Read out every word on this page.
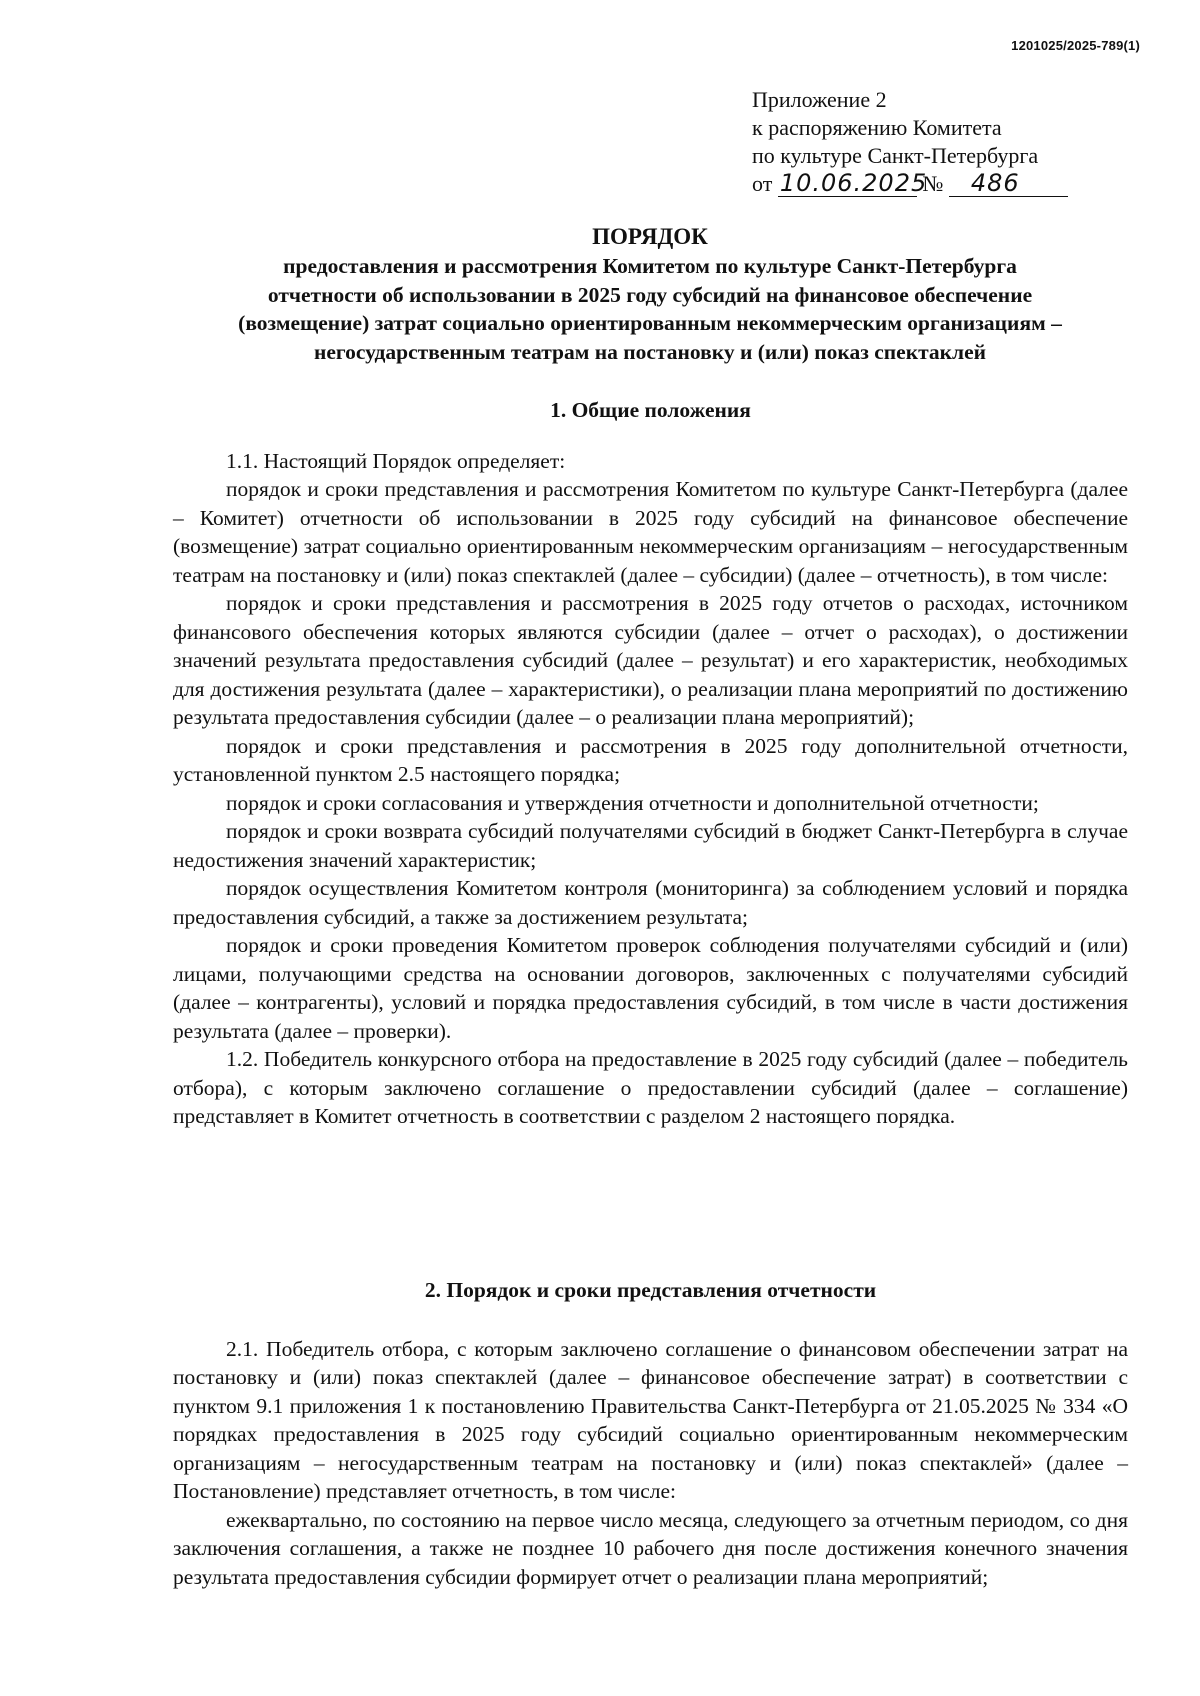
1201025/2025-789(1)
Приложение 2
к распоряжению Комитета
по культуре Санкт-Петербурга
от 10.06.2025 № 486
ПОРЯДОК
предоставления и рассмотрения Комитетом по культуре Санкт-Петербурга
отчетности об использовании в 2025 году субсидий на финансовое обеспечение
(возмещение) затрат социально ориентированным некоммерческим организациям –
негосударственным театрам на постановку и (или) показ спектаклей
1. Общие положения

1.1. Настоящий Порядок определяет:

порядок и сроки представления и рассмотрения Комитетом по культуре Санкт-Петербурга (далее – Комитет) отчетности об использовании в 2025 году субсидий на финансовое обеспечение (возмещение) затрат социально ориентированным некоммерческим организациям – негосударственным театрам на постановку и (или) показ спектаклей (далее – субсидии) (далее – отчетность), в том числе:

порядок и сроки представления и рассмотрения в 2025 году отчетов о расходах, источником финансового обеспечения которых являются субсидии (далее – отчет о расходах), о достижении значений результата предоставления субсидий (далее – результат) и его характеристик, необходимых для достижения результата (далее – характеристики), о реализации плана мероприятий по достижению результата предоставления субсидии (далее – о реализации плана мероприятий);

порядок и сроки представления и рассмотрения в 2025 году дополнительной отчетности, установленной пунктом 2.5 настоящего порядка;

порядок и сроки согласования и утверждения отчетности и дополнительной отчетности;

порядок и сроки возврата субсидий получателями субсидий в бюджет Санкт-Петербурга в случае недостижения значений характеристик;

порядок осуществления Комитетом контроля (мониторинга) за соблюдением условий и порядка предоставления субсидий, а также за достижением результата;

порядок и сроки проведения Комитетом проверок соблюдения получателями субсидий и (или) лицами, получающими средства на основании договоров, заключенных с получателями субсидий (далее – контрагенты), условий и порядка предоставления субсидий, в том числе в части достижения результата (далее – проверки).

1.2. Победитель конкурсного отбора на предоставление в 2025 году субсидий (далее – победитель отбора), с которым заключено соглашение о предоставлении субсидий (далее – соглашение) представляет в Комитет отчетность в соответствии с разделом 2 настоящего порядка.

2. Порядок и сроки представления отчетности

2.1. Победитель отбора, с которым заключено соглашение о финансовом обеспечении затрат на постановку и (или) показ спектаклей (далее – финансовое обеспечение затрат) в соответствии с пунктом 9.1 приложения 1 к постановлению Правительства Санкт-Петербурга от 21.05.2025 № 334 «О порядках предоставления в 2025 году субсидий социально ориентированным некоммерческим организациям – негосударственным театрам на постановку и (или) показ спектаклей» (далее – Постановление) представляет отчетность, в том числе:

ежеквартально, по состоянию на первое число месяца, следующего за отчетным периодом, со дня заключения соглашения, а также не позднее 10 рабочего дня после достижения конечного значения результата предоставления субсидии формирует отчет о реализации плана мероприятий;
